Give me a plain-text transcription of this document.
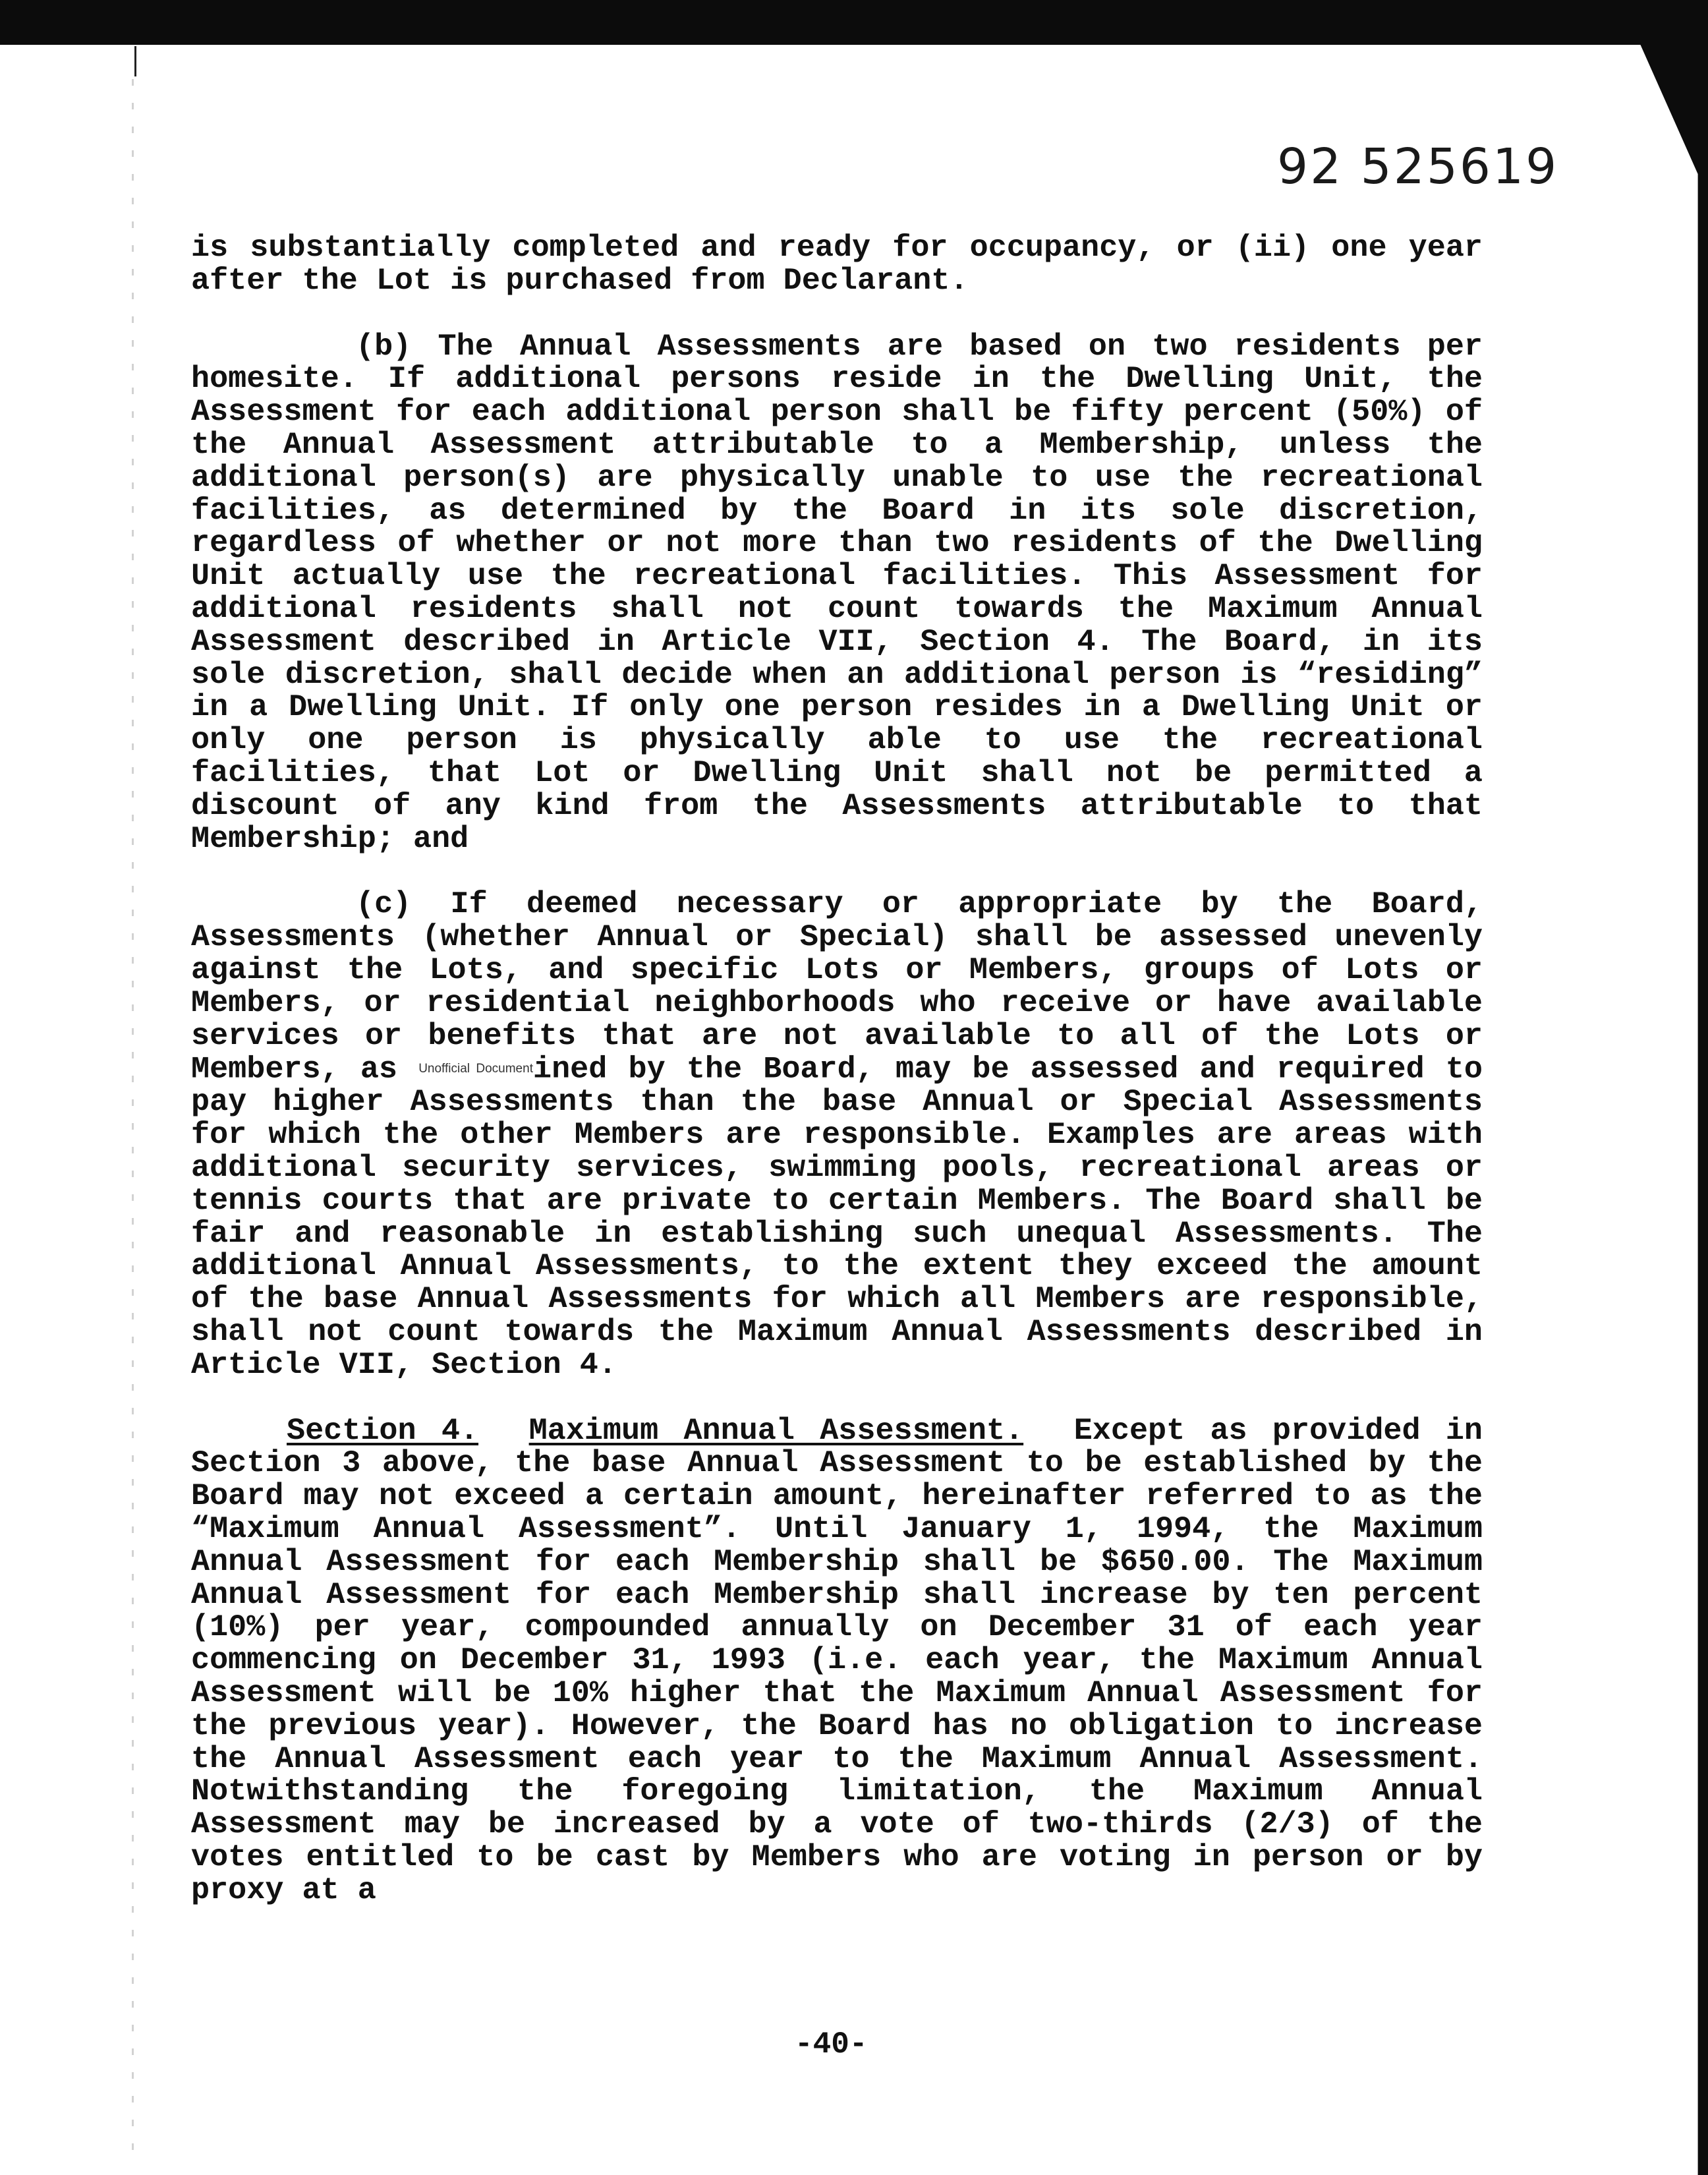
92 525619

is substantially completed and ready for occupancy, or (ii) one year after the Lot is purchased from Declarant.

(b) The Annual Assessments are based on two residents per homesite. If additional persons reside in the Dwelling Unit, the Assessment for each additional person shall be fifty percent (50%) of the Annual Assessment attributable to a Membership, unless the additional person(s) are physically unable to use the recreational facilities, as determined by the Board in its sole discretion, regardless of whether or not more than two residents of the Dwelling Unit actually use the recreational facilities. This Assessment for additional residents shall not count towards the Maximum Annual Assessment described in Article VII, Section 4. The Board, in its sole discretion, shall decide when an additional person is “residing” in a Dwelling Unit. If only one person resides in a Dwelling Unit or only one person is physically able to use the recreational facilities, that Lot or Dwelling Unit shall not be permitted a discount of any kind from the Assessments attributable to that Membership; and

(c) If deemed necessary or appropriate by the Board, Assessments (whether Annual or Special) shall be assessed unevenly against the Lots, and specific Lots or Members, groups of Lots or Members, or residential neighborhoods who receive or have available services or benefits that are not available to all of the Lots or Members, as Unofficial Documentined by the Board, may be assessed and required to pay higher Assessments than the base Annual or Special Assessments for which the other Members are responsible. Examples are areas with additional security services, swimming pools, recreational areas or tennis courts that are private to certain Members. The Board shall be fair and reasonable in establishing such unequal Assessments. The additional Annual Assessments, to the extent they exceed the amount of the base Annual Assessments for which all Members are responsible, shall not count towards the Maximum Annual Assessments described in Article VII, Section 4.

Section 4. Maximum Annual Assessment. Except as provided in Section 3 above, the base Annual Assessment to be established by the Board may not exceed a certain amount, hereinafter referred to as the “Maximum Annual Assessment”. Until January 1, 1994, the Maximum Annual Assessment for each Membership shall be $650.00. The Maximum Annual Assessment for each Membership shall increase by ten percent (10%) per year, compounded annually on December 31 of each year commencing on December 31, 1993 (i.e. each year, the Maximum Annual Assessment will be 10% higher that the Maximum Annual Assessment for the previous year). However, the Board has no obligation to increase the Annual Assessment each year to the Maximum Annual Assessment. Notwithstanding the foregoing limitation, the Maximum Annual Assessment may be increased by a vote of two-thirds (2/3) of the votes entitled to be cast by Members who are voting in person or by proxy at a

-40-
